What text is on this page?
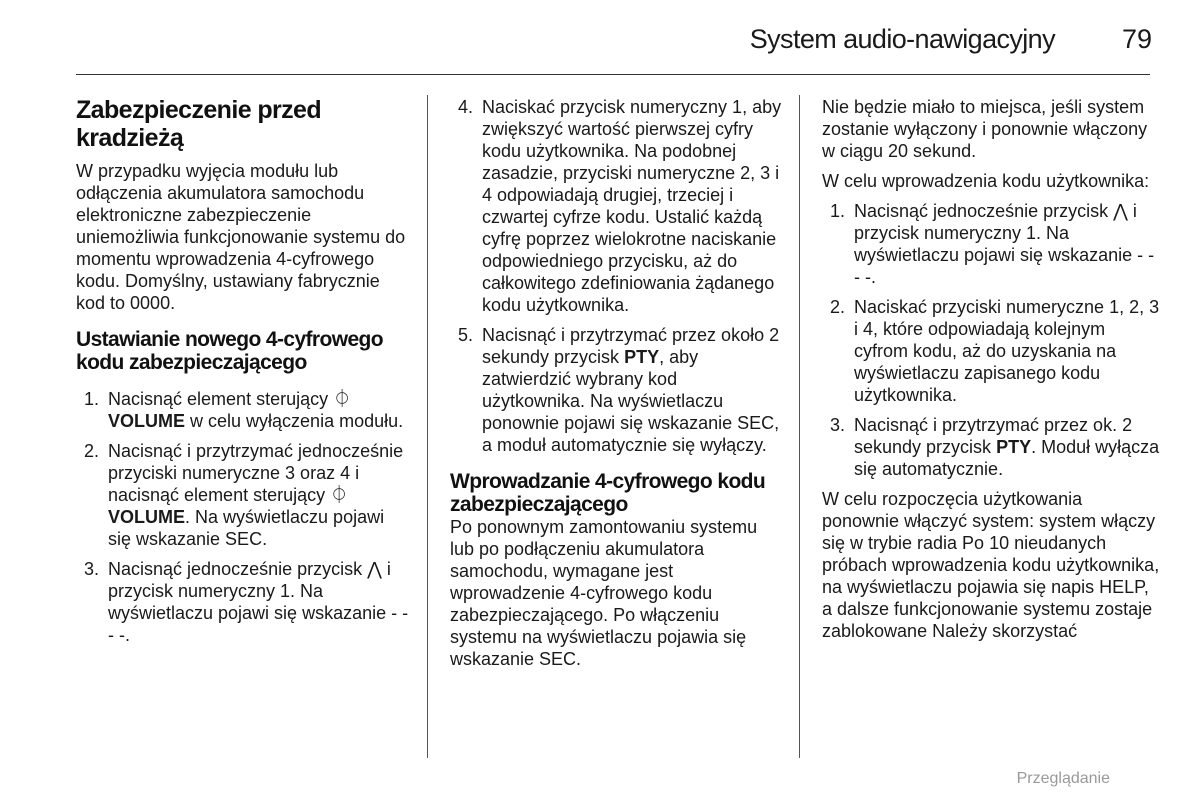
System audio-nawigacyjny	79
Zabezpieczenie przed kradzieżą

W przypadku wyjęcia modułu lub odłączenia akumulatora samochodu elektroniczne zabezpieczenie uniemożliwia funkcjonowanie systemu do momentu wprowadzenia 4-cyfrowego kodu. Domyślny, ustawiany fabrycznie kod to 0000.

Ustawianie nowego 4-cyfrowego kodu zabezpieczającego
1. Nacisnąć element sterujący ⏀ VOLUME w celu wyłączenia modułu.
2. Nacisnąć i przytrzymać jednocześnie przyciski numeryczne 3 oraz 4 i nacisnąć element sterujący ⏀ VOLUME. Na wyświetlaczu pojawi się wskazanie SEC.
3. Nacisnąć jednocześnie przycisk ⋀ i przycisk numeryczny 1. Na wyświetlaczu pojawi się wskazanie - - - -.
4. Naciskać przycisk numeryczny 1, aby zwiększyć wartość pierwszej cyfry kodu użytkownika. Na podobnej zasadzie, przyciski numeryczne 2, 3 i 4 odpowiadają drugiej, trzeciej i czwartej cyfrze kodu. Ustalić każdą cyfrę poprzez wielokrotne naciskanie odpowiedniego przycisku, aż do całkowitego zdefiniowania żądanego kodu użytkownika.
5. Nacisnąć i przytrzymać przez około 2 sekundy przycisk PTY, aby zatwierdzić wybrany kod użytkownika. Na wyświetlaczu ponownie pojawi się wskazanie SEC, a moduł automatycznie się wyłączy.
Wprowadzanie 4-cyfrowego kodu zabezpieczającego

Po ponownym zamontowaniu systemu lub po podłączeniu akumulatora samochodu, wymagane jest wprowadzenie 4-cyfrowego kodu zabezpieczającego. Po włączeniu systemu na wyświetlaczu pojawia się wskazanie SEC.

Nie będzie miało to miejsca, jeśli system zostanie wyłączony i ponownie włączony w ciągu 20 sekund.

W celu wprowadzenia kodu użytkownika:

1. Nacisnąć jednocześnie przycisk ⋀ i przycisk numeryczny 1. Na wyświetlaczu pojawi się wskazanie - - - -.
2. Naciskać przyciski numeryczne 1, 2, 3 i 4, które odpowiadają kolejnym cyfrom kodu, aż do uzyskania na wyświetlaczu zapisanego kodu użytkownika.
3. Nacisnąć i przytrzymać przez ok. 2 sekundy przycisk PTY. Moduł wyłącza się automatycznie.

W celu rozpoczęcia użytkowania ponownie włączyć system: system włączy się w trybie radia Po 10 nieudanych próbach wprowadzenia kodu użytkownika, na wyświetlaczu pojawia się napis HELP, a dalsze funkcjonowanie systemu zostaje zablokowane Należy skorzystać

Przeglądanie
